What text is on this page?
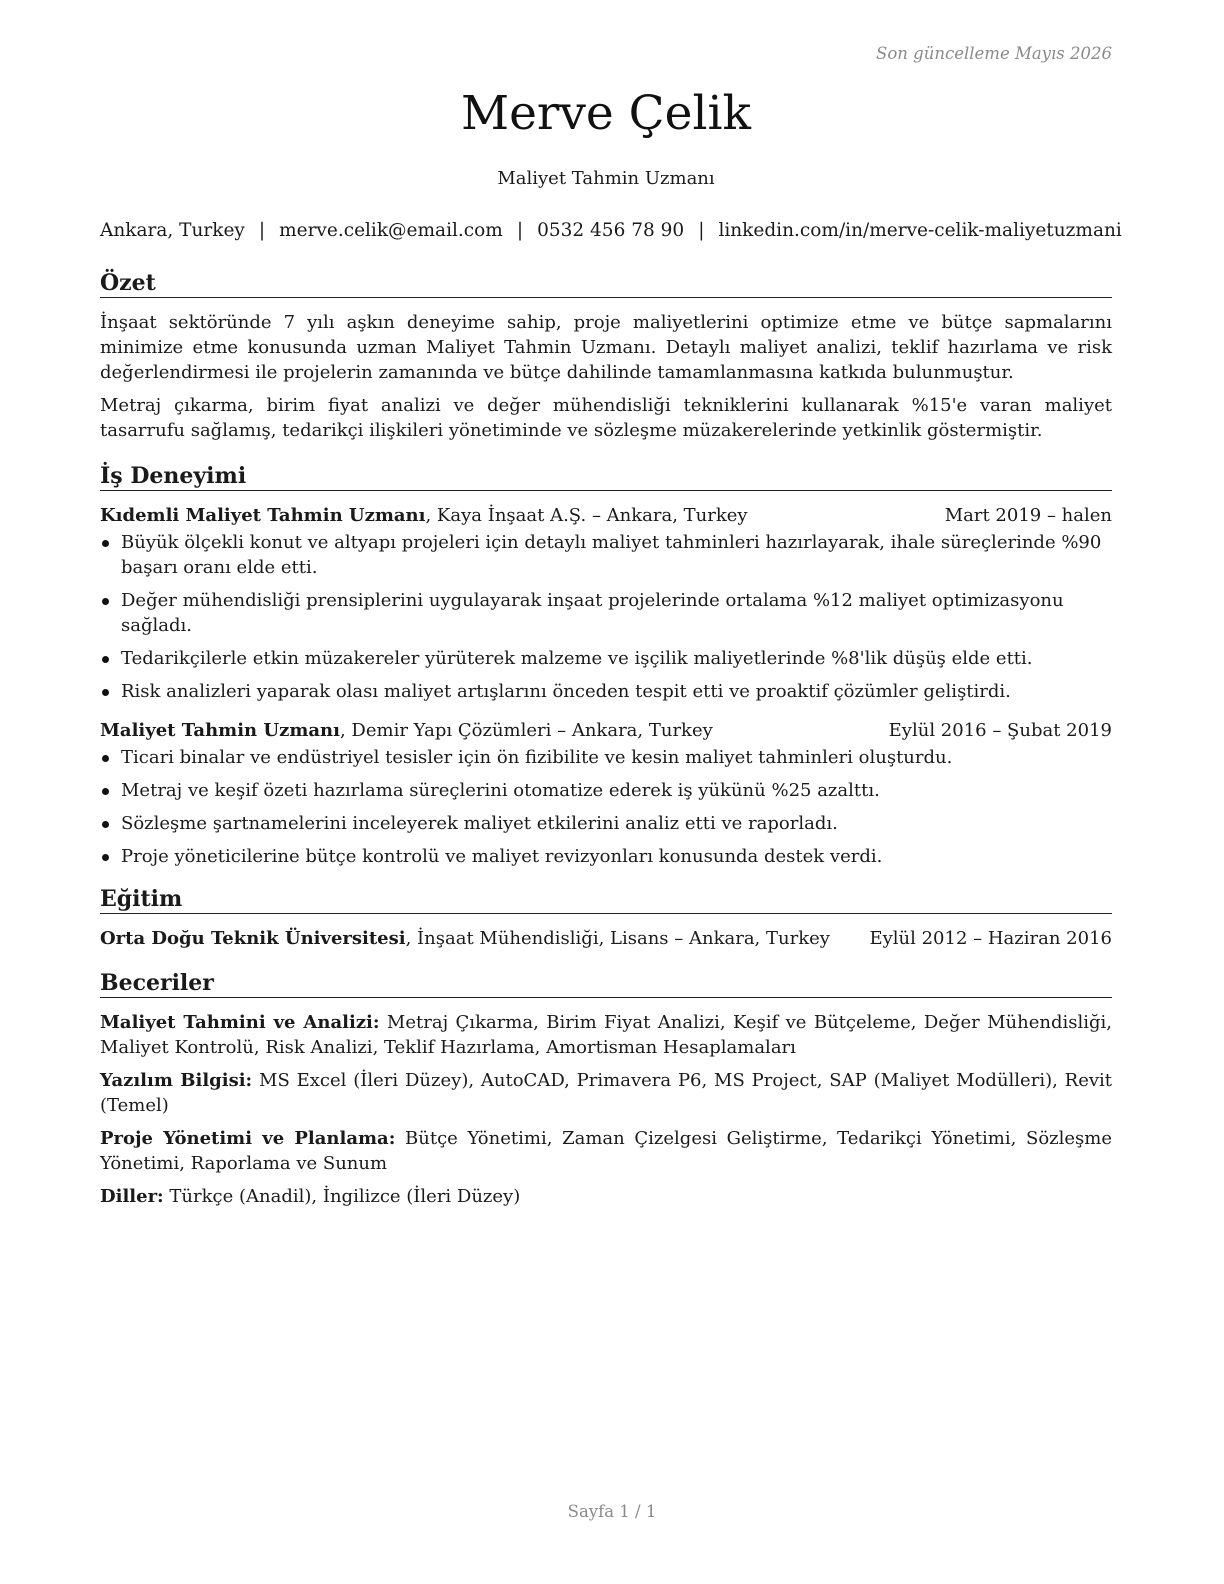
Son güncelleme Mayıs 2026
Merve Çelik
Maliyet Tahmin Uzmanı
Ankara, Turkey | merve.celik@email.com | 0532 456 78 90 | linkedin.com/in/merve-celik-maliyetuzmani
Özet

İnşaat sektöründe 7 yılı aşkın deneyime sahip, proje maliyetlerini optimize etme ve bütçe sapmalarını minimize etme konusunda uzman Maliyet Tahmin Uzmanı. Detaylı maliyet analizi, teklif hazırlama ve risk değerlendirmesi ile projelerin zamanında ve bütçe dahilinde tamamlanmasına katkıda bulunmuştur.

Metraj çıkarma, birim fiyat analizi ve değer mühendisliği tekniklerini kullanarak %15'e varan maliyet tasarrufu sağlamış, tedarikçi ilişkileri yönetiminde ve sözleşme müzakerelerinde yetkinlik göstermiştir.

İş Deneyimi
Kıdemli Maliyet Tahmin Uzmanı, Kaya İnşaat A.Ş. – Ankara, Turkey	Mart 2019 – halen
Büyük ölçekli konut ve altyapı projeleri için detaylı maliyet tahminleri hazırlayarak, ihale süreçlerinde %90 başarı oranı elde etti.
Değer mühendisliği prensiplerini uygulayarak inşaat projelerinde ortalama %12 maliyet optimizasyonu sağladı.
Tedarikçilerle etkin müzakereler yürüterek malzeme ve işçilik maliyetlerinde %8'lik düşüş elde etti.
Risk analizleri yaparak olası maliyet artışlarını önceden tespit etti ve proaktif çözümler geliştirdi.
Maliyet Tahmin Uzmanı, Demir Yapı Çözümleri – Ankara, Turkey	Eylül 2016 – Şubat 2019
Ticari binalar ve endüstriyel tesisler için ön fizibilite ve kesin maliyet tahminleri oluşturdu.
Metraj ve keşif özeti hazırlama süreçlerini otomatize ederek iş yükünü %25 azalttı.
Sözleşme şartnamelerini inceleyerek maliyet etkilerini analiz etti ve raporladı.
Proje yöneticilerine bütçe kontrolü ve maliyet revizyonları konusunda destek verdi.
Eğitim
Orta Doğu Teknik Üniversitesi, İnşaat Mühendisliği, Lisans – Ankara, Turkey Eylül 2012 – Haziran 2016
Beceriler

Maliyet Tahmini ve Analizi: Metraj Çıkarma, Birim Fiyat Analizi, Keşif ve Bütçeleme, Değer Mühendisliği, Maliyet Kontrolü, Risk Analizi, Teklif Hazırlama, Amortisman Hesaplamaları

Yazılım Bilgisi: MS Excel (İleri Düzey), AutoCAD, Primavera P6, MS Project, SAP (Maliyet Modülleri), Revit (Temel)

Proje Yönetimi ve Planlama: Bütçe Yönetimi, Zaman Çizelgesi Geliştirme, Tedarikçi Yönetimi, Sözleşme Yönetimi, Raporlama ve Sunum

Diller: Türkçe (Anadil), İngilizce (İleri Düzey)

Sayfa 1 / 1
